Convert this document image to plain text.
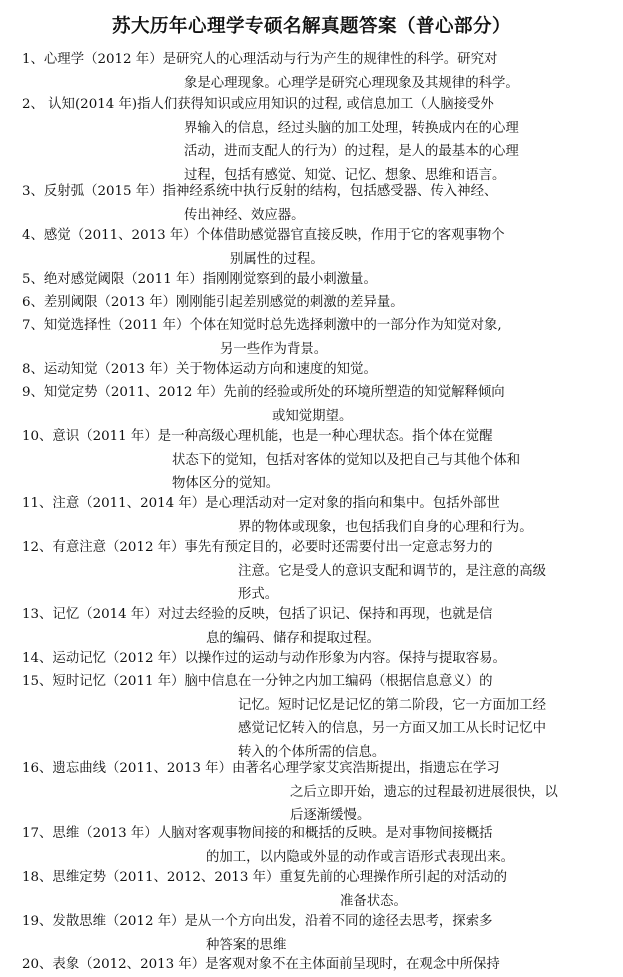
苏大历年心理学专硕名解真题答案（普心部分）
1、心理学（2012 年）是研究人的心理活动与行为产生的规律性的科学。研究对
象是心理现象。心理学是研究心理现象及其规律的科学。
2、 认知(2014 年)指人们获得知识或应用知识的过程, 或信息加工（人脑接受外
界输入的信息，经过头脑的加工处理，转换成内在的心理
活动，进而支配人的行为）的过程，是人的最基本的心理
过程，包括有感觉、知觉、记忆、想象、思维和语言。
3、反射弧（2015 年）指神经系统中执行反射的结构，包括感受器、传入神经、
传出神经、效应器。
4、感觉（2011、2013 年）个体借助感觉器官直接反映，作用于它的客观事物个
别属性的过程。
5、绝对感觉阈限（2011 年）指刚刚觉察到的最小刺激量。
6、差别阈限（2013 年）刚刚能引起差别感觉的刺激的差异量。
7、知觉选择性（2011 年）个体在知觉时总先选择刺激中的一部分作为知觉对象,
另一些作为背景。
8、运动知觉（2013 年）关于物体运动方向和速度的知觉。
9、知觉定势（2011、2012 年）先前的经验或所处的环境所塑造的知觉解释倾向
或知觉期望。
10、意识（2011 年）是一种高级心理机能，也是一种心理状态。指个体在觉醒
状态下的觉知，包括对客体的觉知以及把自己与其他个体和
物体区分的觉知。
11、注意（2011、2014 年）是心理活动对一定对象的指向和集中。包括外部世
界的物体或现象，也包括我们自身的心理和行为。
12、有意注意（2012 年）事先有预定目的，必要时还需要付出一定意志努力的
注意。它是受人的意识支配和调节的，是注意的高级
形式。
13、记忆（2014 年）对过去经验的反映，包括了识记、保持和再现，也就是信
息的编码、储存和提取过程。
14、运动记忆（2012 年）以操作过的运动与动作形象为内容。保持与提取容易。
15、短时记忆（2011 年）脑中信息在一分钟之内加工编码（根据信息意义）的
记忆。短时记忆是记忆的第二阶段，它一方面加工经
感觉记忆转入的信息，另一方面又加工从长时记忆中
转入的个体所需的信息。
16、遗忘曲线（2011、2013 年）由著名心理学家艾宾浩斯提出，指遗忘在学习
之后立即开始，遗忘的过程最初进展很快，以
后逐渐缓慢。
17、思维（2013 年）人脑对客观事物间接的和概括的反映。是对事物间接概括
的加工，以内隐或外显的动作或言语形式表现出来。
18、思维定势（2011、2012、2013 年）重复先前的心理操作所引起的对活动的
准备状态。
19、发散思维（2012 年）是从一个方向出发，沿着不同的途径去思考，探索多
种答案的思维
20、表象（2012、2013 年）是客观对象不在主体面前呈现时，在观念中所保持
